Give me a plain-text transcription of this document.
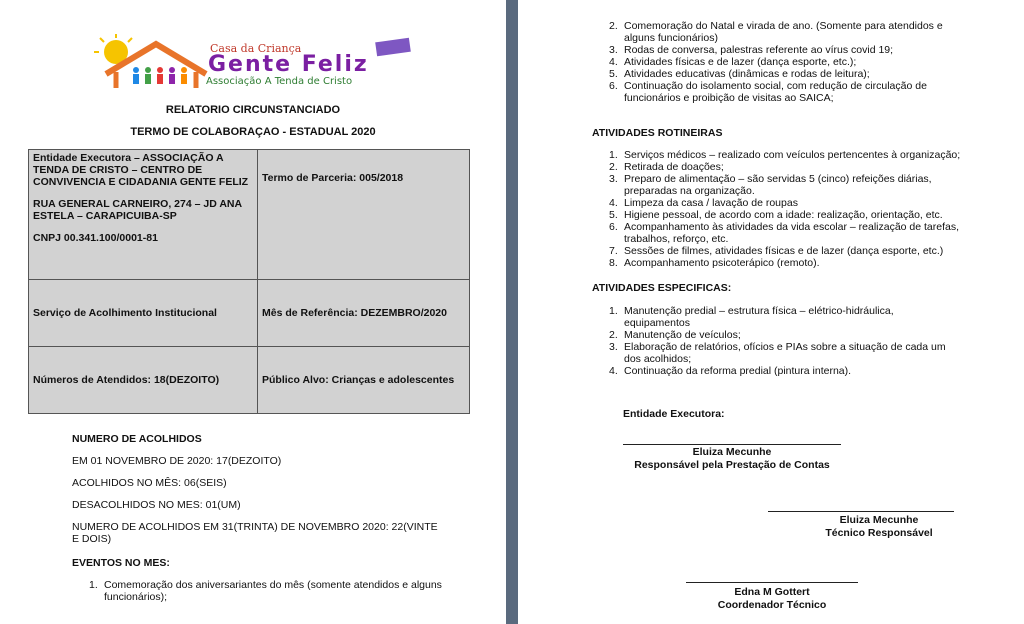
Casa da Criança
Gente Feliz
Associação A Tenda de Cristo
RELATORIO CIRCUNSTANCIADO
TERMO DE COLABORAÇAO - ESTADUAL 2020
Entidade Executora – ASSOCIAÇÃO A TENDA DE CRISTO – CENTRO DE CONVIVENCIA E CIDADANIA GENTE FELIZ
RUA GENERAL CARNEIRO, 274 – JD ANA ESTELA – CARAPICUIBA-SP
CNPJ 00.341.100/0001-81	Termo de Parceria: 005/2018

Serviço de Acolhimento Institucional	Mês de Referência: DEZEMBRO/2020

Números de Atendidos: 18(DEZOITO)	Público Alvo: Crianças e adolescentes
NUMERO DE ACOLHIDOS
EM 01 NOVEMBRO DE 2020: 17(DEZOITO)
ACOLHIDOS NO MÊS: 06(SEIS)
DESACOLHIDOS NO MES: 01(UM)
NUMERO DE ACOLHIDOS EM 31(TRINTA) DE NOVEMBRO 2020: 22(VINTE E DOIS)
EVENTOS NO MES:
1. Comemoração dos aniversariantes do mês (somente atendidos e alguns funcionários);
2. Comemoração do Natal e virada de ano. (Somente para atendidos e alguns funcionários)
3. Rodas de conversa, palestras referente ao vírus covid 19;
4. Atividades físicas e de lazer (dança esporte, etc.);
5. Atividades educativas (dinâmicas e rodas de leitura);
6. Continuação do isolamento social, com redução de circulação de funcionários e proibição de visitas ao SAICA;
ATIVIDADES ROTINEIRAS
1. Serviços médicos – realizado com veículos pertencentes à organização;
2. Retirada de doações;
3. Preparo de alimentação – são servidas 5 (cinco) refeições diárias, preparadas na organização.
4. Limpeza da casa / lavação de roupas
5. Higiene pessoal, de acordo com a idade: realização, orientação, etc.
6. Acompanhamento às atividades da vida escolar – realização de tarefas, trabalhos, reforço, etc.
7. Sessões de filmes, atividades físicas e de lazer (dança esporte, etc.)
8. Acompanhamento psicoterápico (remoto).
ATIVIDADES ESPECIFICAS:
1. Manutenção predial – estrutura física – elétrico-hidráulica, equipamentos
2. Manutenção de veículos;
3. Elaboração de relatórios, ofícios e PIAs sobre a situação de cada um dos acolhidos;
4. Continuação da reforma predial (pintura interna).
Entidade Executora:
Eluiza Mecunhe
Responsável pela Prestação de Contas
Eluiza Mecunhe
Técnico Responsável
Edna M Gottert
Coordenador Técnico
